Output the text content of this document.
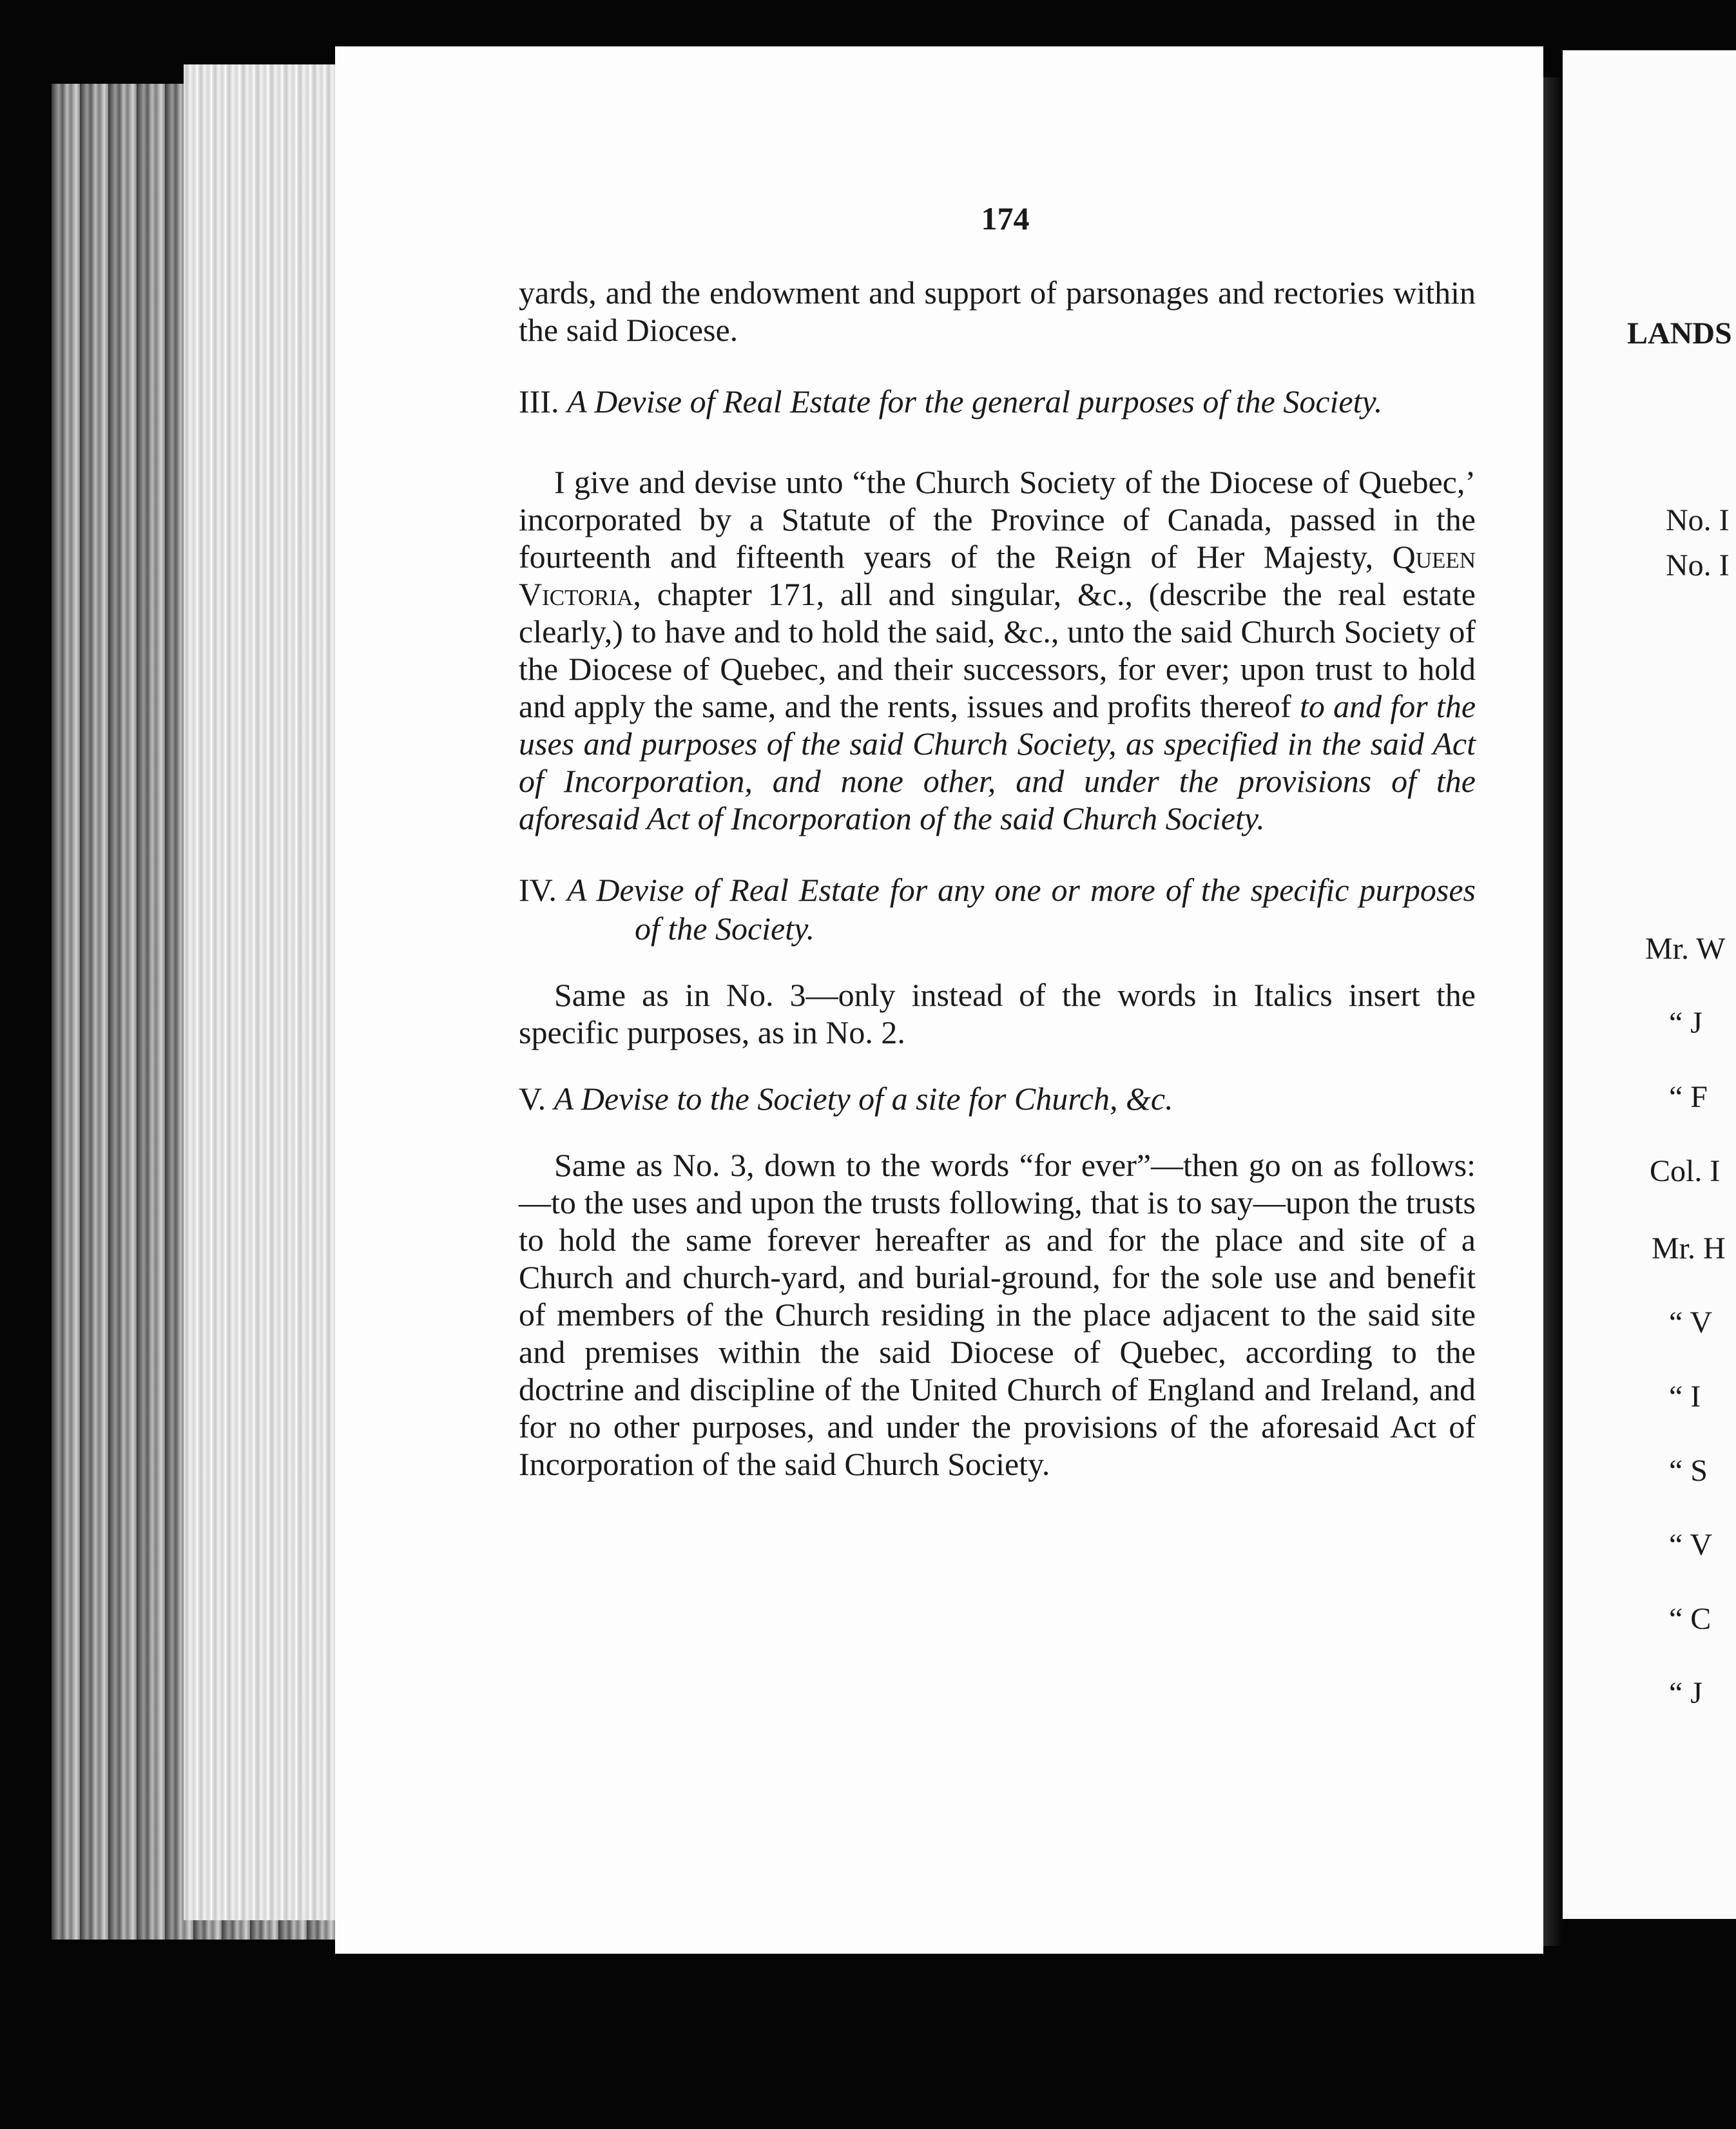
174

yards, and the endowment and support of parsonages and rectories within the said Diocese.

III. A Devise of Real Estate for the general purposes of the Society.

I give and devise unto “the Church Society of the Diocese of Quebec,’ incorporated by a Statute of the Province of Canada, passed in the fourteenth and fifteenth years of the Reign of Her Majesty, Queen Victoria, chapter 171, all and singular, &c., (describe the real estate clearly,) to have and to hold the said, &c., unto the said Church Society of the Diocese of Quebec, and their successors, for ever; upon trust to hold and apply the same, and the rents, issues and profits thereof to and for the uses and purposes of the said Church Society, as specified in the said Act of Incorporation, and none other, and under the provisions of the aforesaid Act of Incorporation of the said Church Society.

IV. A Devise of Real Estate for any one or more of the specific purposes of the Society.

Same as in No. 3—only instead of the words in Italics insert the specific purposes, as in No. 2.

V. A Devise to the Society of a site for Church, &c.

Same as No. 3, down to the words “for ever”—then go on as follows:—to the uses and upon the trusts following, that is to say—upon the trusts to hold the same forever hereafter as and for the place and site of a Church and church-yard, and burial-ground, for the sole use and benefit of members of the Church residing in the place adjacent to the said site and premises within the said Diocese of Quebec, according to the doctrine and discipline of the United Church of England and Ireland, and for no other purposes, and under the provisions of the aforesaid Act of Incorporation of the said Church Society.

LANDS
No. I
No. I
Mr. W
“ J
“ F
Col. I
Mr. H
“ V
“ I
“ S
“ V
“ C
“ J
